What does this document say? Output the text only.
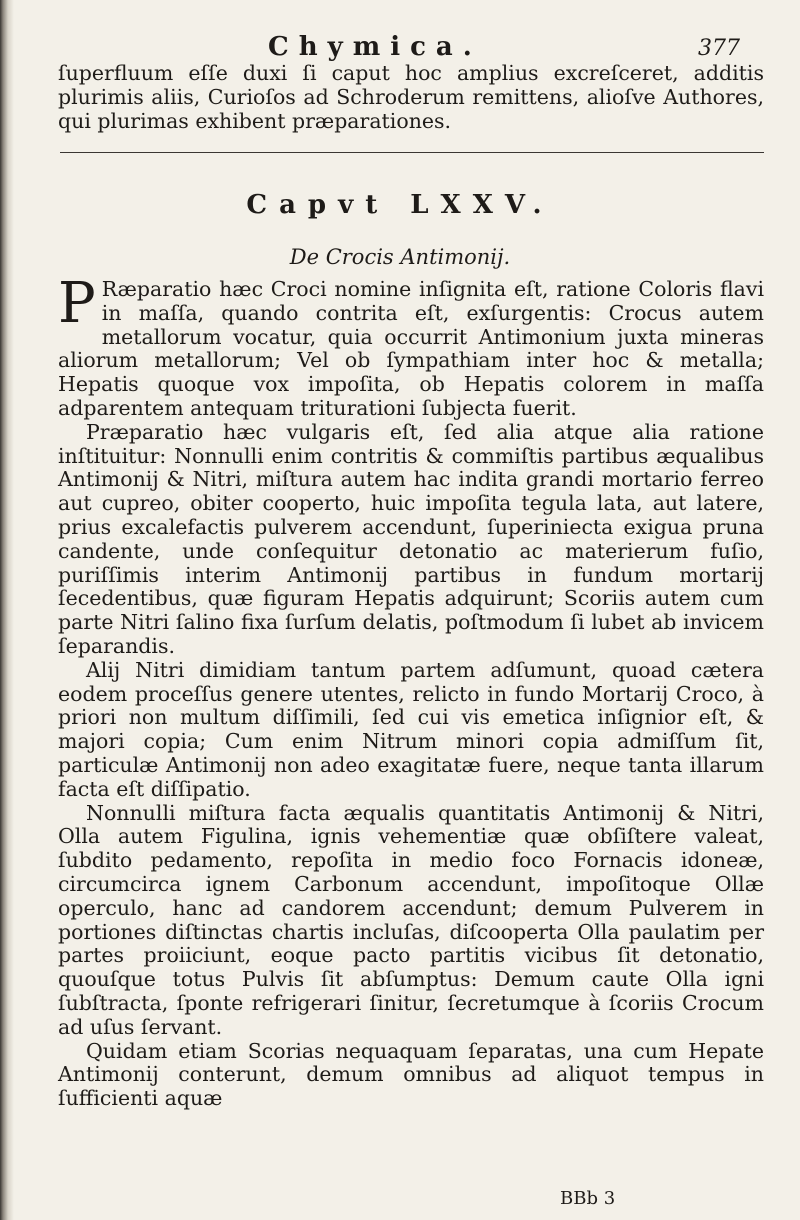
Chymica.	377
ſuperfluum eſſe duxi ſi caput hoc amplius excreſceret, additis plurimis aliis, Curioſos ad Schroderum remittens, alioſve Authores, qui plurimas exhibent præparationes.
Capvt LXXV.
De Crocis Antimonij.

P Ræparatio hæc Croci nomine inſignita eſt, ratione Coloris flavi in maſſa, quando contrita eſt, exſurgentis: Crocus autem metallorum vocatur, quia occurrit Antimonium juxta mineras aliorum metallorum; Vel ob ſympathiam inter hoc & metalla; Hepatis quoque vox impoſita, ob Hepatis colorem in maſſa adparentem antequam triturationi ſubjecta fuerit.

Præparatio hæc vulgaris eſt, ſed alia atque alia ratione inſtituitur: Nonnulli enim contritis & commiſtis partibus æqualibus Antimonij & Nitri, miſtura autem hac indita grandi mortario ferreo aut cupreo, obiter cooperto, huic impoſita tegula lata, aut latere, prius excalefactis pulverem accendunt, ſuperiniecta exigua pruna candente, unde conſequitur detonatio ac materierum fuſio, puriſſimis interim Antimonij partibus in fundum mortarij ſecedentibus, quæ figuram Hepatis adquirunt; Scoriis autem cum parte Nitri ſalino fixa ſurſum delatis, poſtmodum ſi lubet ab invicem ſeparandis.

Alij Nitri dimidiam tantum partem adſumunt, quoad cætera eodem proceſſus genere utentes, relicto in fundo Mortarij Croco, à priori non multum diſſimili, ſed cui vis emetica inſignior eſt, & majori copia; Cum enim Nitrum minori copia admiſſum ſit, particulæ Antimonij non adeo exagitatæ fuere, neque tanta illarum facta eſt diſſipatio.

Nonnulli miſtura facta æqualis quantitatis Antimonij & Nitri, Olla autem Figulina, ignis vehementiæ quæ obſiſtere valeat, ſubdito pedamento, repoſita in medio foco Fornacis idoneæ, circumcirca ignem Carbonum accendunt, impoſitoque Ollæ operculo, hanc ad candorem accendunt; demum Pulverem in portiones diſtinctas chartis incluſas, diſcooperta Olla paulatim per partes proiiciunt, eoque pacto partitis vicibus ſit detonatio, quouſque totus Pulvis ſit abſumptus: Demum caute Olla igni ſubſtracta, ſponte refrigerari ſinitur, ſecretumque à ſcoriis Crocum ad uſus ſervant.

Quidam etiam Scorias nequaquam ſeparatas, una cum Hepate Antimonij conterunt, demum omnibus ad aliquot tempus in ſufficienti aquæ

BBb 3
